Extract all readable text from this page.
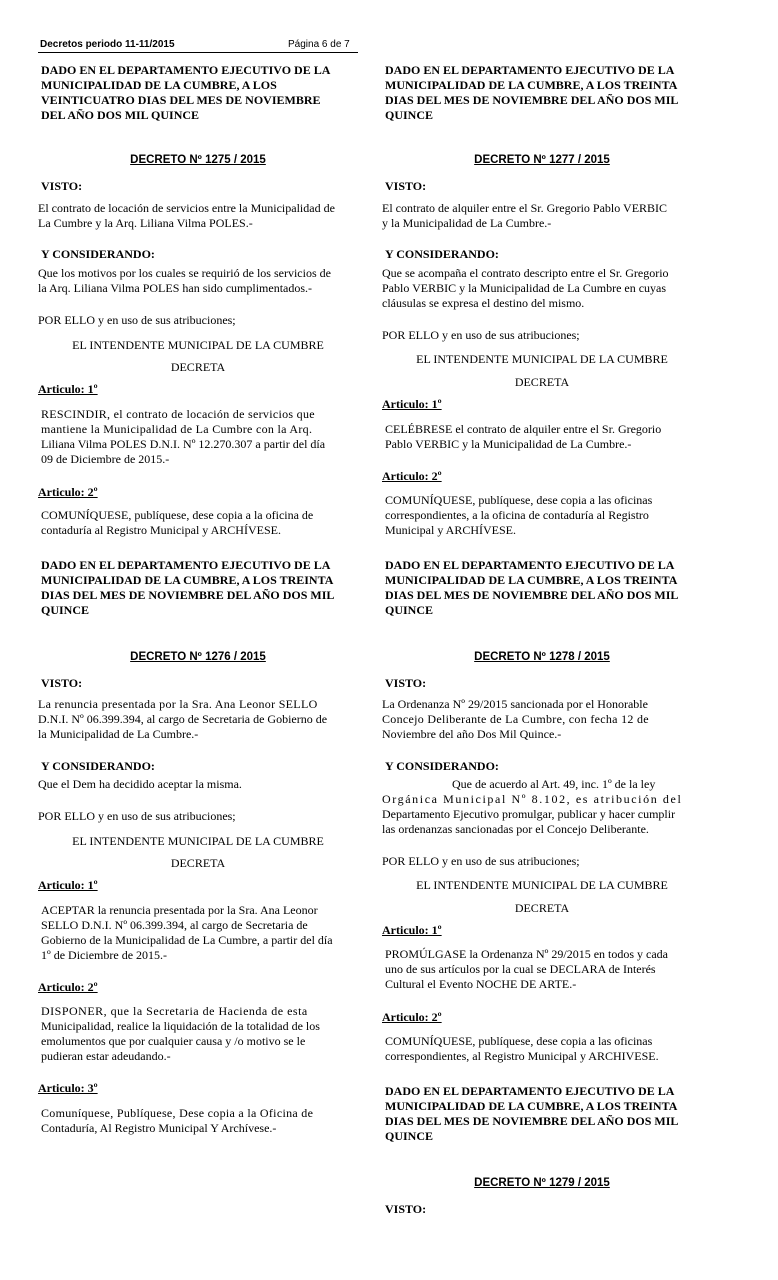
Decretos periodo 11-11/2015	Página 6 de 7
DADO EN EL DEPARTAMENTO EJECUTIVO DE LA
MUNICIPALIDAD DE LA CUMBRE, A LOS
VEINTICUATRO DIAS DEL MES DE NOVIEMBRE
DEL AÑO DOS MIL QUINCE
DECRETO Nº 1275 / 2015
VISTO:
El contrato de locación de servicios entre la Municipalidad de
La Cumbre y la Arq. Liliana Vilma POLES.-
Y CONSIDERANDO:
Que los motivos por los cuales se requirió de los servicios de
la Arq. Liliana Vilma POLES han sido cumplimentados.-
POR ELLO y en uso de sus atribuciones;
EL INTENDENTE MUNICIPAL DE LA CUMBRE
DECRETA
Articulo: 1º
RESCINDIR, el contrato de locación de servicios que
mantiene la Municipalidad de La Cumbre con la Arq.
Liliana Vilma POLES D.N.I. Nº 12.270.307 a partir del día
09 de Diciembre de 2015.-
Articulo: 2º
COMUNÍQUESE, publíquese, dese copia a la oficina de
contaduría al Registro Municipal y ARCHÍVESE.
DADO EN EL DEPARTAMENTO EJECUTIVO DE LA
MUNICIPALIDAD DE LA CUMBRE, A LOS TREINTA
DIAS DEL MES DE NOVIEMBRE DEL AÑO DOS MIL
QUINCE
DECRETO Nº 1276 / 2015
VISTO:
La renuncia presentada por la Sra. Ana Leonor SELLO
D.N.I. Nº 06.399.394, al cargo de Secretaria de Gobierno de
la Municipalidad de La Cumbre.-
Y CONSIDERANDO:
Que el Dem ha decidido aceptar la misma.
POR ELLO y en uso de sus atribuciones;
EL INTENDENTE MUNICIPAL DE LA CUMBRE
DECRETA
Articulo: 1º
ACEPTAR la renuncia presentada por la Sra. Ana Leonor
SELLO D.N.I. Nº 06.399.394, al cargo de Secretaria de
Gobierno de la Municipalidad de La Cumbre, a partir del día
1º de Diciembre de 2015.-
Articulo: 2º
DISPONER, que la Secretaria de Hacienda de esta
Municipalidad, realice la liquidación de la totalidad de los
emolumentos que por cualquier causa y /o motivo se le
pudieran estar adeudando.-
Articulo: 3º
Comuníquese, Publíquese, Dese copia a la Oficina de
Contaduría, Al Registro Municipal Y Archívese.-
DADO EN EL DEPARTAMENTO EJECUTIVO DE LA
MUNICIPALIDAD DE LA CUMBRE, A LOS TREINTA
DIAS DEL MES DE NOVIEMBRE DEL AÑO DOS MIL
QUINCE
DECRETO Nº 1277 / 2015
VISTO:
El contrato de alquiler entre el Sr. Gregorio Pablo VERBIC
y la Municipalidad de La Cumbre.-
Y CONSIDERANDO:
Que se acompaña el contrato descripto entre el Sr. Gregorio
Pablo VERBIC y la Municipalidad de La Cumbre en cuyas
cláusulas se expresa el destino del mismo.
POR ELLO y en uso de sus atribuciones;
EL INTENDENTE MUNICIPAL DE LA CUMBRE
DECRETA
Articulo: 1º
CELÉBRESE el contrato de alquiler entre el Sr. Gregorio
Pablo VERBIC y la Municipalidad de La Cumbre.-
Articulo: 2º
COMUNÍQUESE, publíquese, dese copia a las oficinas
correspondientes, a la oficina de contaduría al Registro
Municipal y ARCHÍVESE.
DADO EN EL DEPARTAMENTO EJECUTIVO DE LA
MUNICIPALIDAD DE LA CUMBRE, A LOS TREINTA
DIAS DEL MES DE NOVIEMBRE DEL AÑO DOS MIL
QUINCE
DECRETO Nº 1278 / 2015
VISTO:
La Ordenanza Nº 29/2015 sancionada por el Honorable
Concejo Deliberante de La Cumbre, con fecha 12 de
Noviembre del año Dos Mil Quince.-
Y CONSIDERANDO:
Que de acuerdo al Art. 49, inc. 1º de la ley
Orgánica Municipal Nº 8.102, es atribución del
Departamento Ejecutivo promulgar, publicar y hacer cumplir
las ordenanzas sancionadas por el Concejo Deliberante.
POR ELLO y en uso de sus atribuciones;
EL INTENDENTE MUNICIPAL DE LA CUMBRE
DECRETA
Articulo: 1º
PROMÚLGASE la Ordenanza Nº 29/2015 en todos y cada
uno de sus artículos por la cual se DECLARA de Interés
Cultural el Evento NOCHE DE ARTE.-
Articulo: 2º
COMUNÍQUESE, publíquese, dese copia a las oficinas
correspondientes, al Registro Municipal y ARCHIVESE.
DADO EN EL DEPARTAMENTO EJECUTIVO DE LA
MUNICIPALIDAD DE LA CUMBRE, A LOS TREINTA
DIAS DEL MES DE NOVIEMBRE DEL AÑO DOS MIL
QUINCE
DECRETO Nº 1279 / 2015
VISTO:
